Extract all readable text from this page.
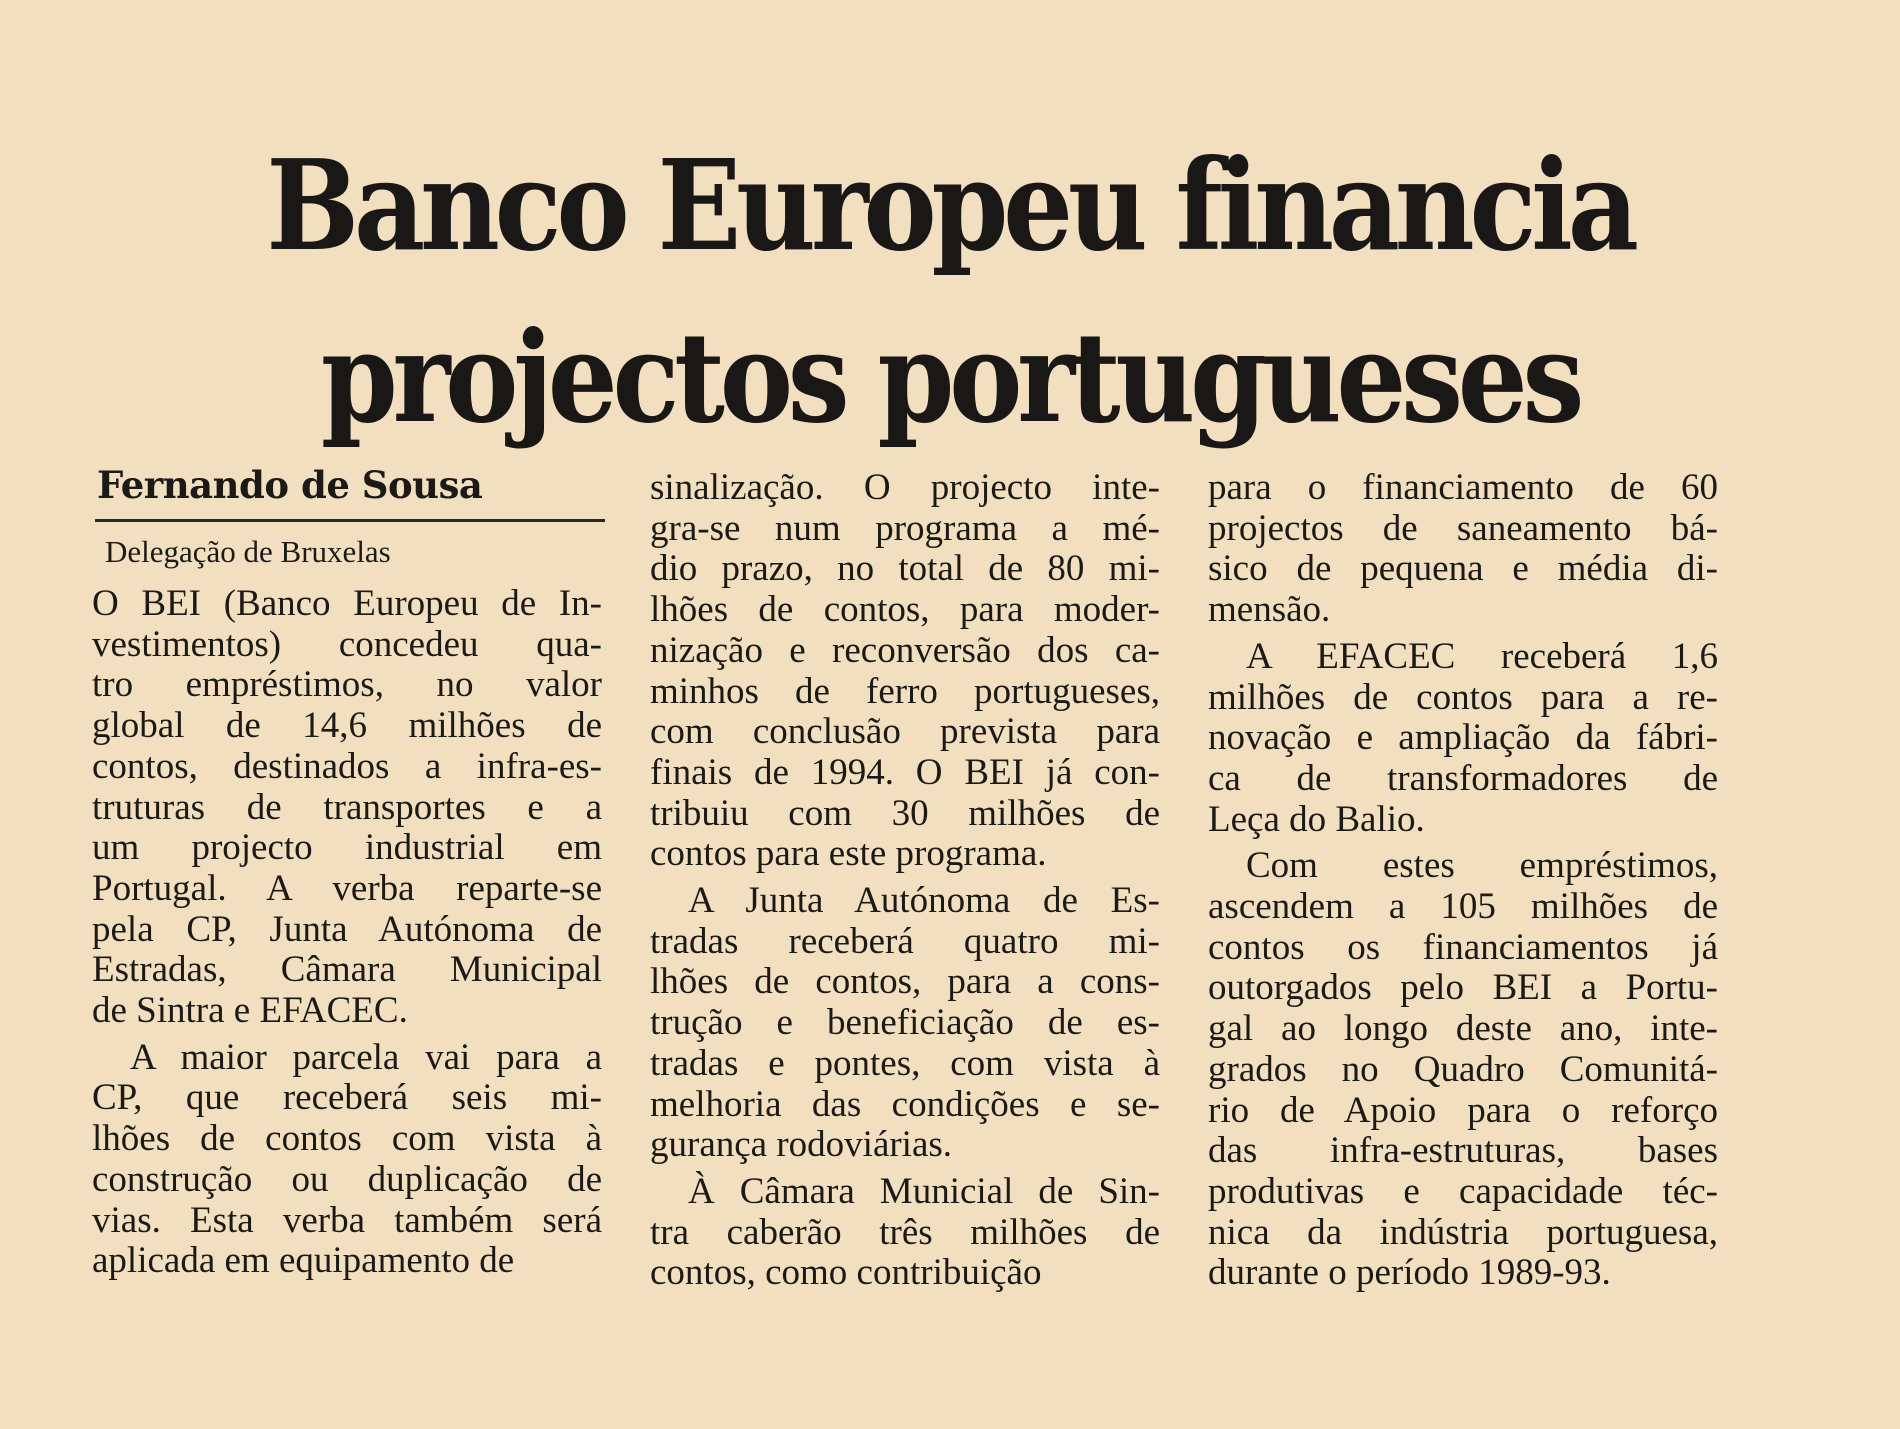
Banco Europeu financia
projectos portugueses
Fernando de Sousa
Delegação de Bruxelas
O BEI (Banco Europeu de In-
vestimentos) concedeu qua-
tro empréstimos, no valor
global de 14,6 milhões de
contos, destinados a infra-es-
truturas de transportes e a
um projecto industrial em
Portugal. A verba reparte-se
pela CP, Junta Autónoma de
Estradas, Câmara Municipal
de Sintra e EFACEC.
A maior parcela vai para a
CP, que receberá seis mi-
lhões de contos com vista à
construção ou duplicação de
vias. Esta verba também será
aplicada em equipamento de
sinalização. O projecto inte-
gra-se num programa a mé-
dio prazo, no total de 80 mi-
lhões de contos, para moder-
nização e reconversão dos ca-
minhos de ferro portugueses,
com conclusão prevista para
finais de 1994. O BEI já con-
tribuiu com 30 milhões de
contos para este programa.
A Junta Autónoma de Es-
tradas receberá quatro mi-
lhões de contos, para a cons-
trução e beneficiação de es-
tradas e pontes, com vista à
melhoria das condições e se-
gurança rodoviárias.
À Câmara Municial de Sin-
tra caberão três milhões de
contos, como contribuição
para o financiamento de 60
projectos de saneamento bá-
sico de pequena e média di-
mensão.
A EFACEC receberá 1,6
milhões de contos para a re-
novação e ampliação da fábri-
ca de transformadores de
Leça do Balio.
Com estes empréstimos,
ascendem a 105 milhões de
contos os financiamentos já
outorgados pelo BEI a Portu-
gal ao longo deste ano, inte-
grados no Quadro Comunitá-
rio de Apoio para o reforço
das infra-estruturas, bases
produtivas e capacidade téc-
nica da indústria portuguesa,
durante o período 1989-93.
